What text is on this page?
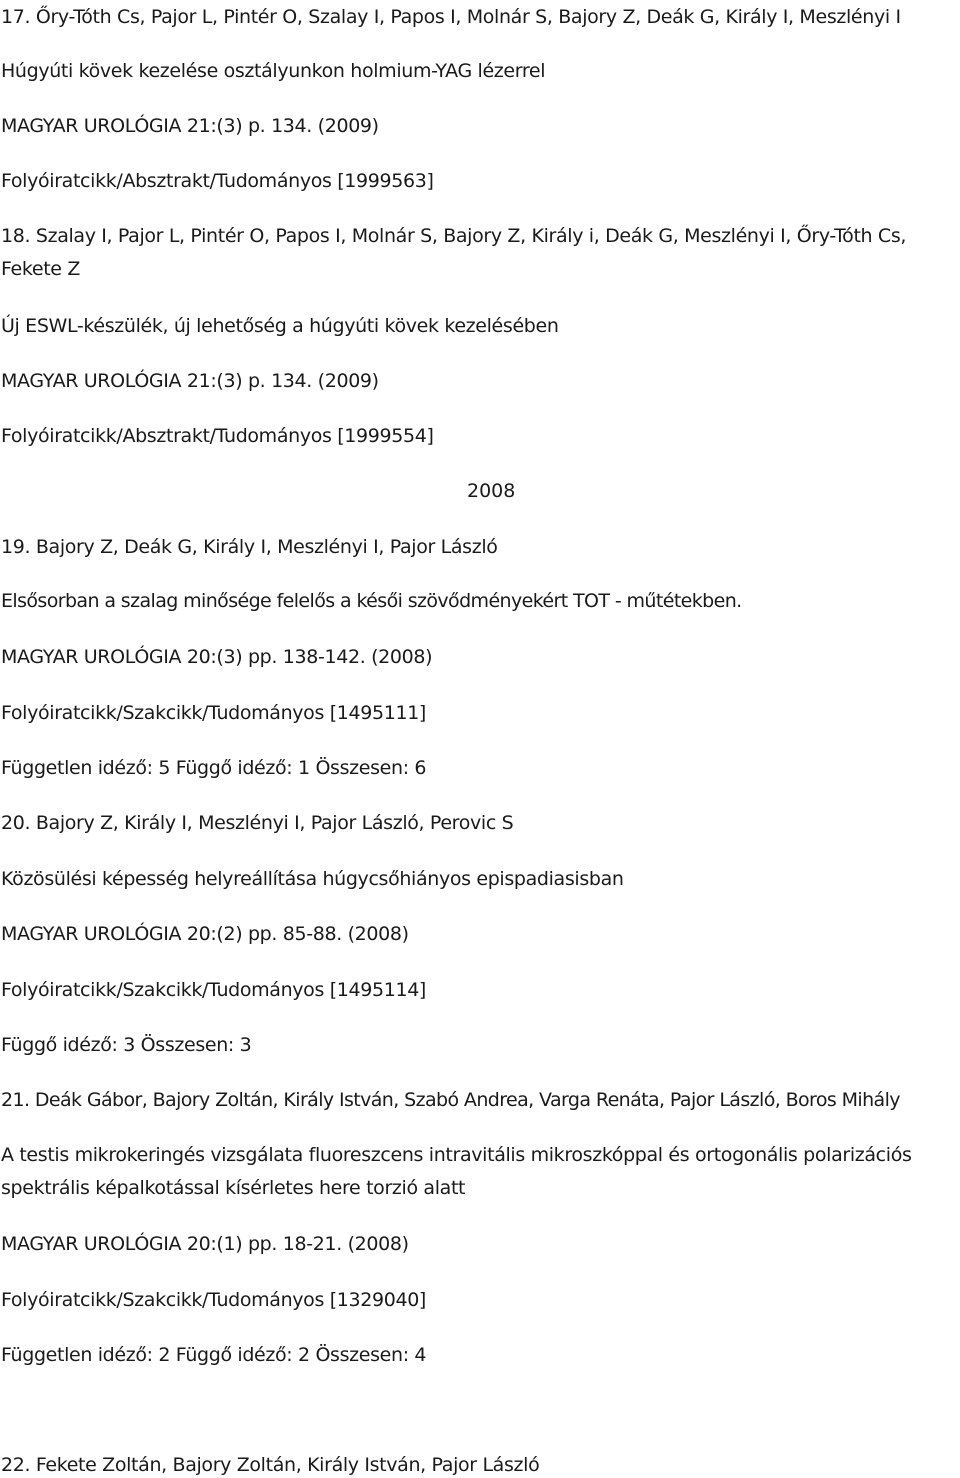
17. Őry-Tóth Cs, Pajor L, Pintér O, Szalay I, Papos I, Molnár S, Bajory Z, Deák G, Király I, Meszlényi I
Húgyúti kövek kezelése osztályunkon holmium-YAG lézerrel
MAGYAR UROLÓGIA 21:(3) p. 134. (2009)
Folyóiratcikk/Absztrakt/Tudományos [1999563]
18. Szalay I, Pajor L, Pintér O, Papos I, Molnár S, Bajory Z, Király i, Deák G, Meszlényi I, Őry-Tóth Cs, Fekete Z
Új ESWL-készülék, új lehetőség a húgyúti kövek kezelésében
MAGYAR UROLÓGIA 21:(3) p. 134. (2009)
Folyóiratcikk/Absztrakt/Tudományos [1999554]
2008
19. Bajory Z, Deák G, Király I, Meszlényi I, Pajor László
Elsősorban a szalag minősége felelős a késői szövődményekért TOT - műtétekben.
MAGYAR UROLÓGIA 20:(3) pp. 138-142. (2008)
Folyóiratcikk/Szakcikk/Tudományos [1495111]
Független idéző: 5 Függő idéző: 1 Összesen: 6
20. Bajory Z, Király I, Meszlényi I, Pajor László, Perovic S
Közösülési képesség helyreállítása húgycsőhiányos epispadiasisban
MAGYAR UROLÓGIA 20:(2) pp. 85-88. (2008)
Folyóiratcikk/Szakcikk/Tudományos [1495114]
Függő idéző: 3 Összesen: 3
21. Deák Gábor, Bajory Zoltán, Király István, Szabó Andrea, Varga Renáta, Pajor László, Boros Mihály
A testis mikrokeringés vizsgálata fluoreszcens intravitális mikroszkóppal és ortogonális polarizációs spektrális képalkotással kísérletes here torzió alatt
MAGYAR UROLÓGIA 20:(1) pp. 18-21. (2008)
Folyóiratcikk/Szakcikk/Tudományos [1329040]
Független idéző: 2 Függő idéző: 2 Összesen: 4
22. Fekete Zoltán, Bajory Zoltán, Király István, Pajor László
